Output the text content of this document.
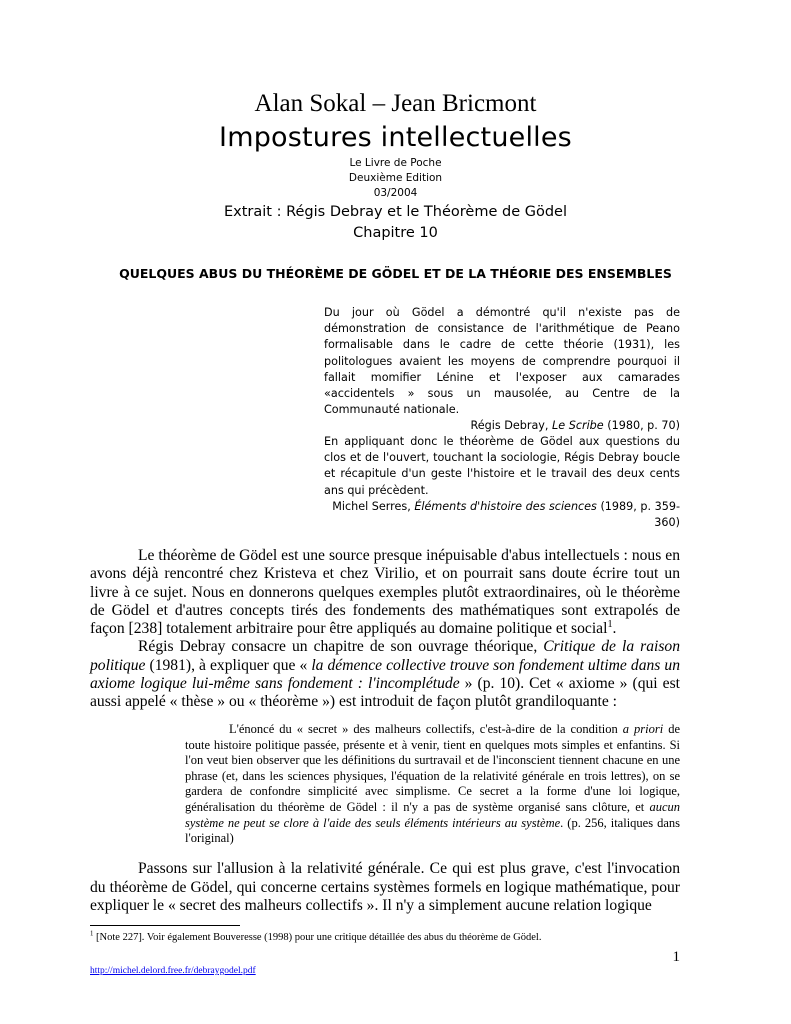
Alan Sokal – Jean Bricmont
Impostures intellectuelles
Le Livre de Poche
Deuxième Edition
03/2004
Extrait : Régis Debray et le Théorème de Gödel
Chapitre 10
QUELQUES ABUS DU THÉORÈME DE GÖDEL ET DE LA THÉORIE DES ENSEMBLES
Du jour où Gödel a démontré qu'il n'existe pas de démonstration de consistance de l'arithmétique de Peano formalisable dans le cadre de cette théorie (1931), les politologues avaient les moyens de comprendre pourquoi il fallait momifier Lénine et l'exposer aux camarades «accidentels » sous un mausolée, au Centre de la Communauté nationale.
Régis Debray, Le Scribe (1980, p. 70)
En appliquant donc le théorème de Gödel aux questions du clos et de l'ouvert, touchant la sociologie, Régis Debray boucle et récapitule d'un geste l'histoire et le travail des deux cents ans qui précèdent.
Michel Serres, Éléments d'histoire des sciences (1989, p. 359-360)

Le théorème de Gödel est une source presque inépuisable d'abus intellectuels : nous en avons déjà rencontré chez Kristeva et chez Virilio, et on pourrait sans doute écrire tout un livre à ce sujet. Nous en donnerons quelques exemples plutôt extraordinaires, où le théorème de Gödel et d'autres concepts tirés des fondements des mathématiques sont extrapolés de façon [238] totalement arbitraire pour être appliqués au domaine politique et social$^1$.

Régis Debray consacre un chapitre de son ouvrage théorique, Critique de la raison politique (1981), à expliquer que « la démence collective trouve son fondement ultime dans un axiome logique lui-même sans fondement : l'incomplétude » (p. 10). Cet « axiome » (qui est aussi appelé « thèse » ou « théorème ») est introduit de façon plutôt grandiloquante :

L'énoncé du « secret » des malheurs collectifs, c'est-à-dire de la condition a priori de toute histoire politique passée, présente et à venir, tient en quelques mots simples et enfantins. Si l'on veut bien observer que les définitions du surtravail et de l'inconscient tiennent chacune en une phrase (et, dans les sciences physiques, l'équation de la relativité générale en trois lettres), on se gardera de confondre simplicité avec simplisme. Ce secret a la forme d'une loi logique, généralisation du théorème de Gödel : il n'y a pas de système organisé sans clôture, et aucun système ne peut se clore à l'aide des seuls éléments intérieurs au système. (p. 256, italiques dans l'original)

Passons sur l'allusion à la relativité générale. Ce qui est plus grave, c'est l'invocation du théorème de Gödel, qui concerne certains systèmes formels en logique mathématique, pour expliquer le « secret des malheurs collectifs ». Il n'y a simplement aucune relation logique

$^1$ [Note 227]. Voir également Bouveresse (1998) pour une critique détaillée des abus du théorème de Gödel.
1
http://michel.delord.free.fr/debraygodel.pdf
